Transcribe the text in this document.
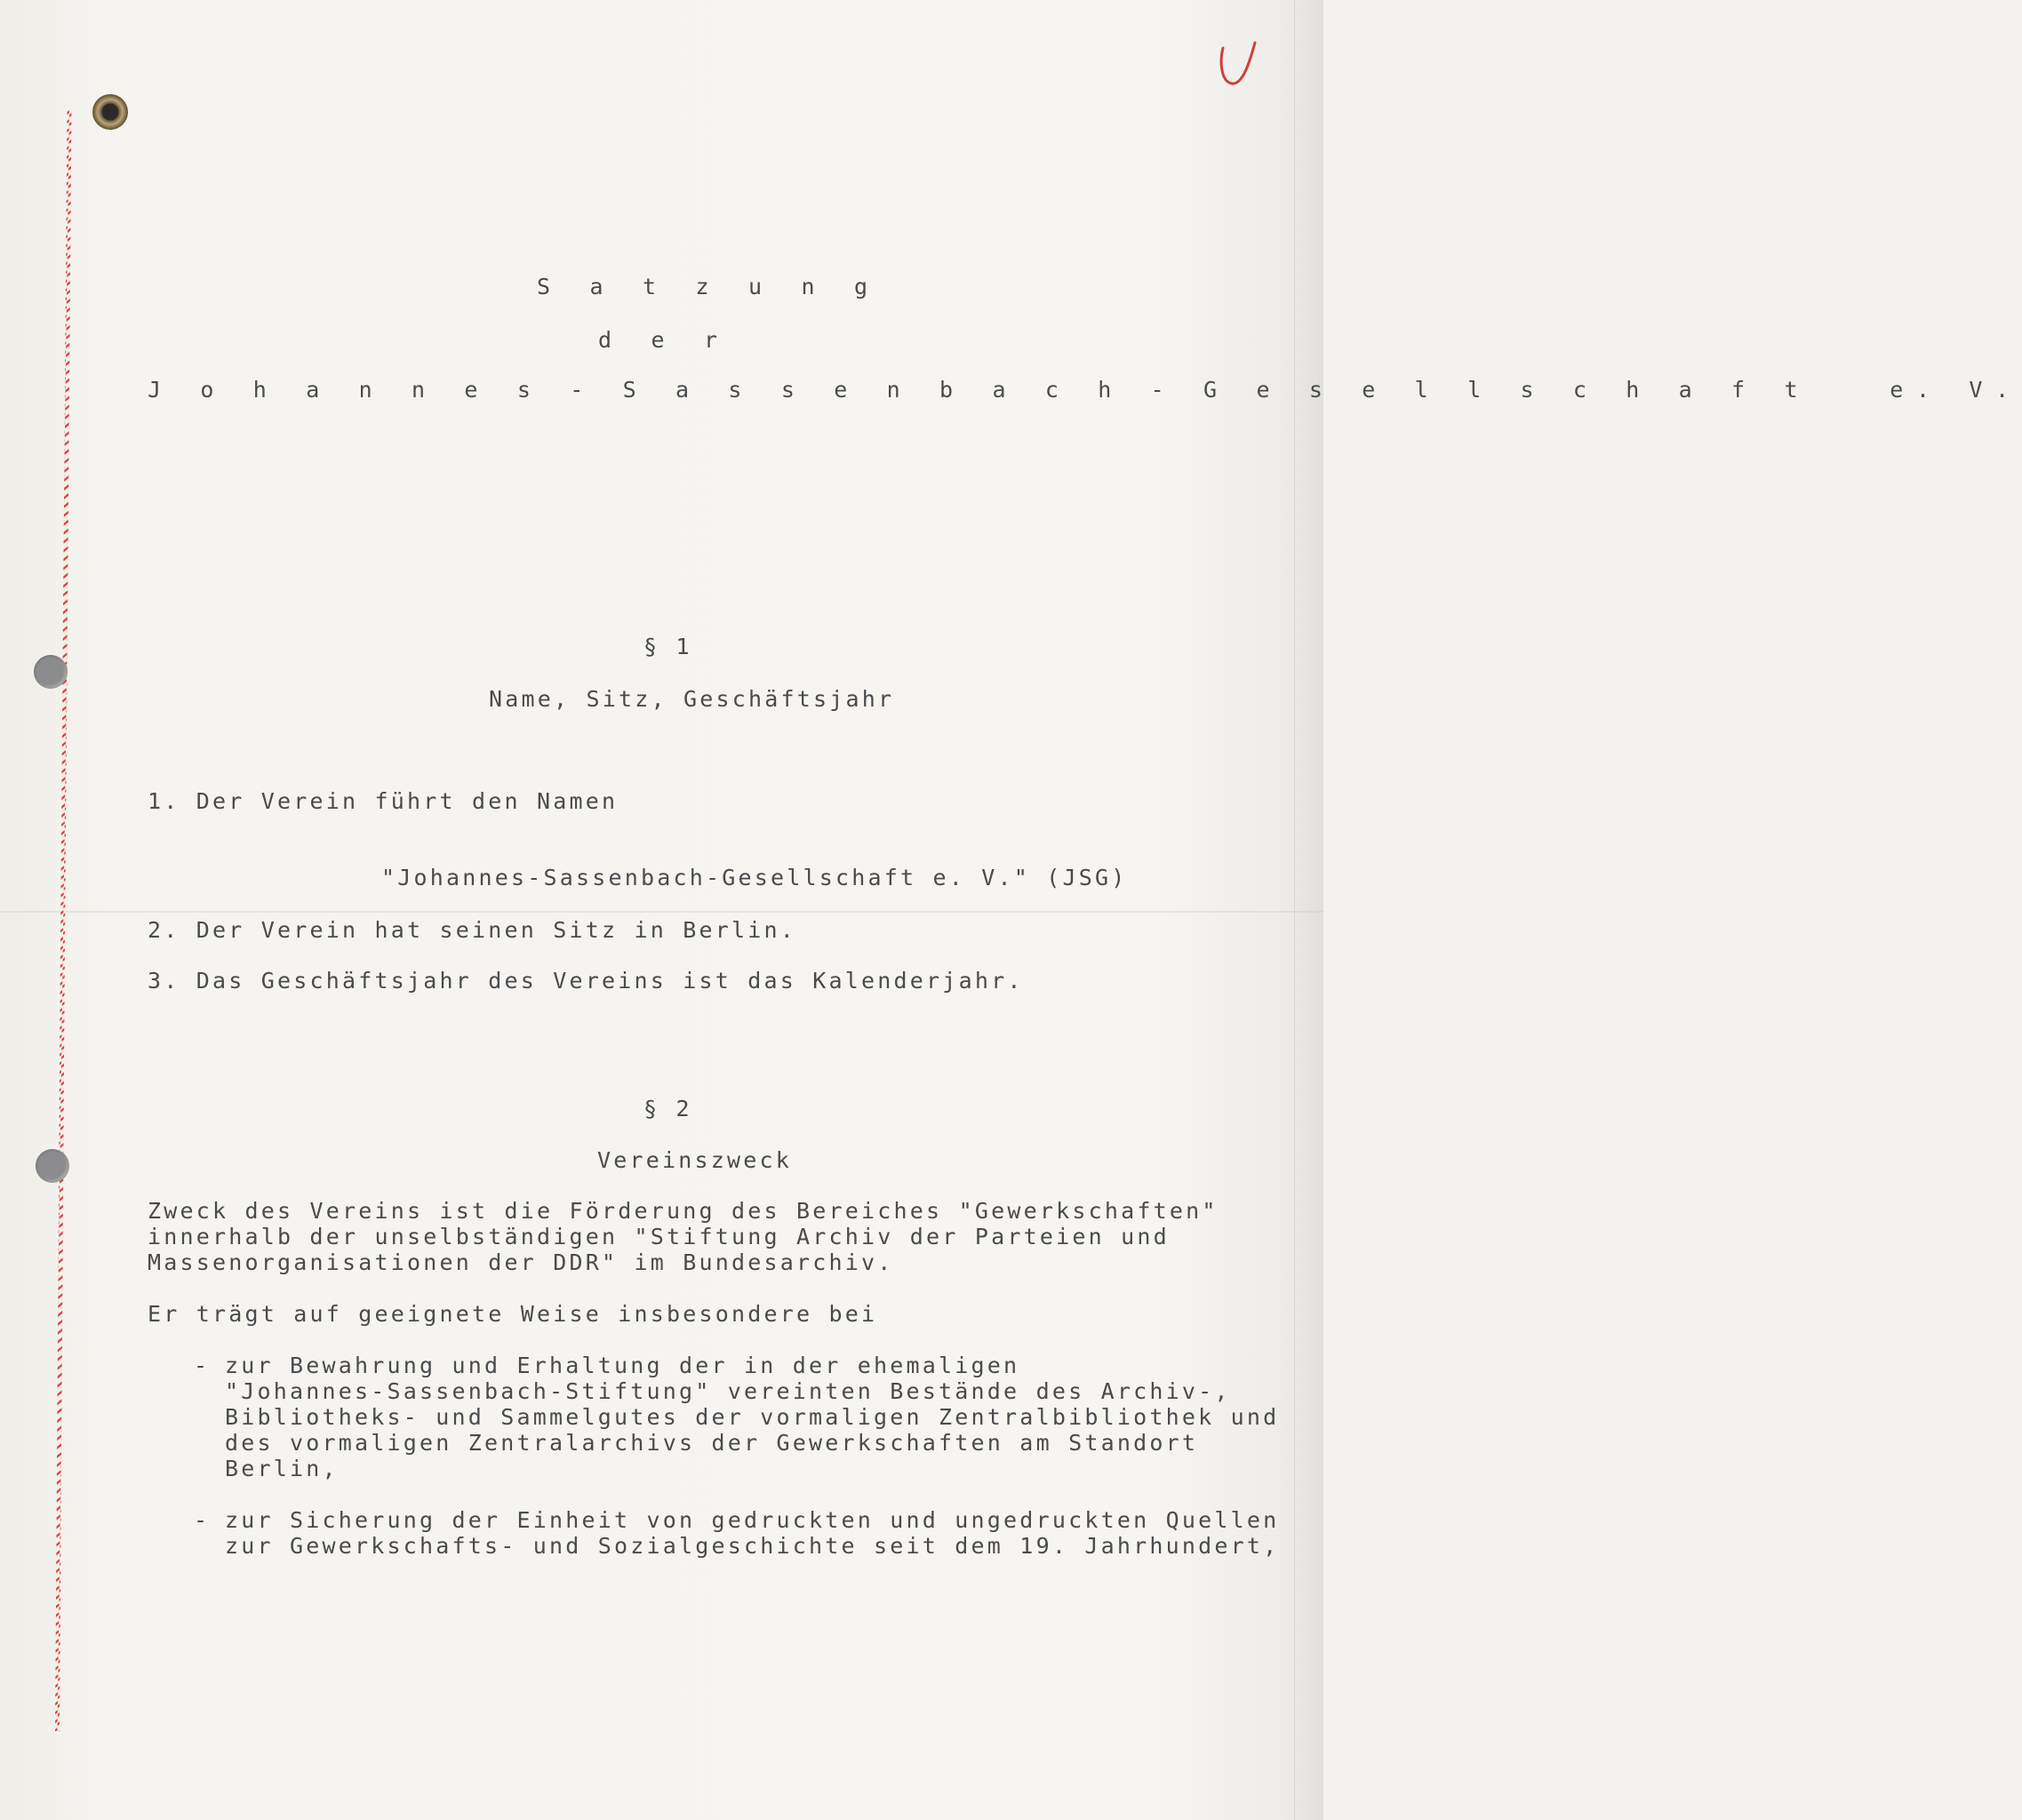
S a t z u n g

d e r

J o h a n n e s - S a s s e n b a c h - G e s e l l s c h a f t   e. V.

§ 1

Name, Sitz, Geschäftsjahr

1. Der Verein führt den Namen

"Johannes-Sassenbach-Gesellschaft e. V." (JSG)

2. Der Verein hat seinen Sitz in Berlin.

3. Das Geschäftsjahr des Vereins ist das Kalenderjahr.

§ 2

Vereinszweck

Zweck des Vereins ist die Förderung des Bereiches "Gewerkschaften"

innerhalb der unselbständigen "Stiftung Archiv der Parteien und

Massenorganisationen der DDR" im Bundesarchiv.

Er trägt auf geeignete Weise insbesondere bei

- zur Bewahrung und Erhaltung der in der ehemaligen

"Johannes-Sassenbach-Stiftung" vereinten Bestände des Archiv-,

Bibliotheks- und Sammelgutes der vormaligen Zentralbibliothek und

des vormaligen Zentralarchivs der Gewerkschaften am Standort

Berlin,

- zur Sicherung der Einheit von gedruckten und ungedruckten Quellen

zur Gewerkschafts- und Sozialgeschichte seit dem 19. Jahrhundert,
